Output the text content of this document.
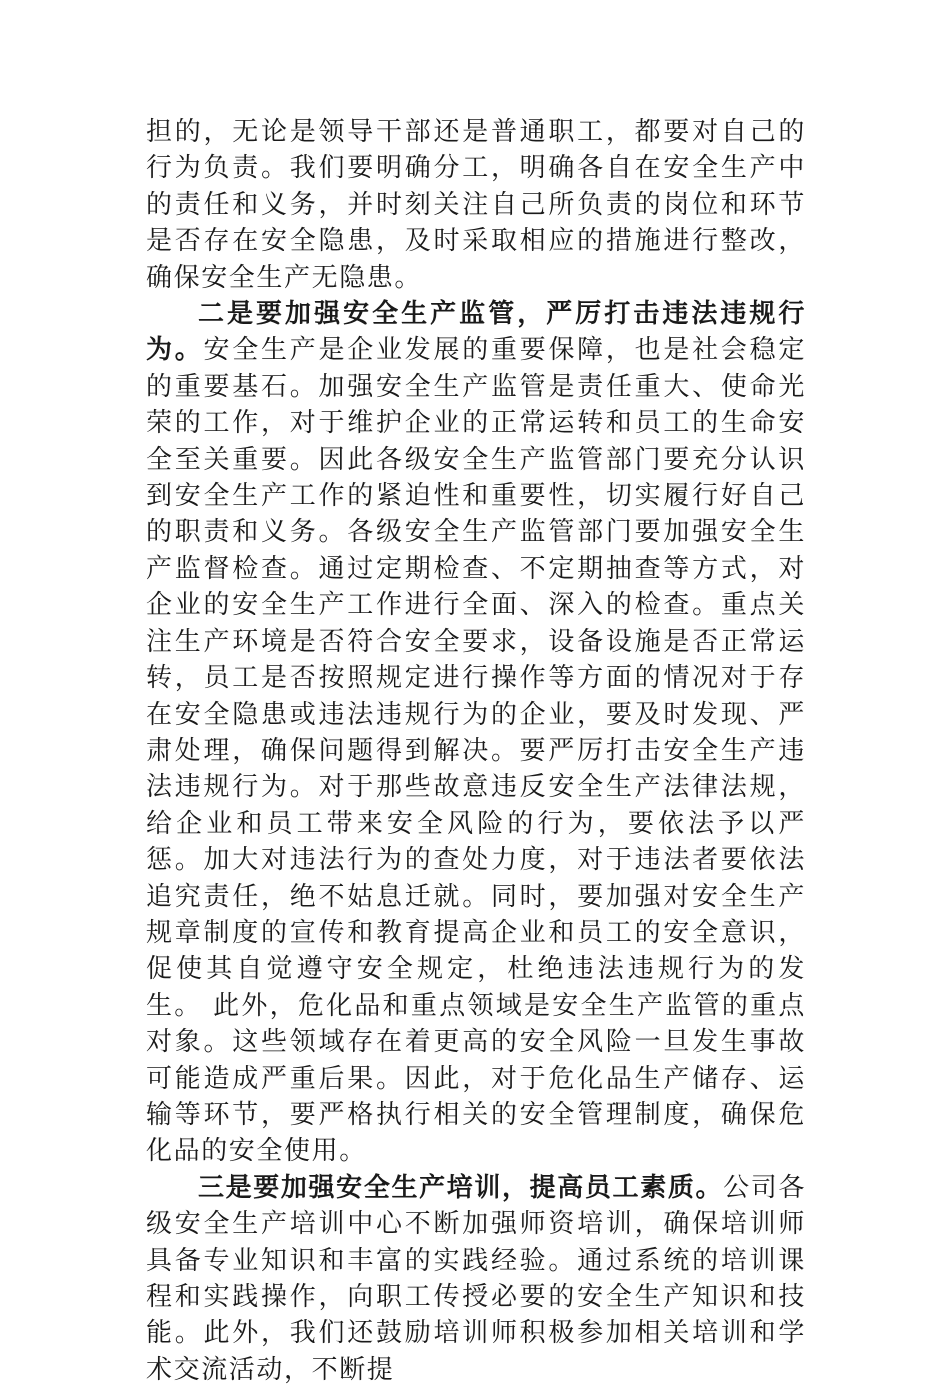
担的，无论是领导干部还是普通职工，都要对自己的行为负责。我们要明确分工，明确各自在安全生产中的责任和义务，并时刻关注自己所负责的岗位和环节是否存在安全隐患，及时采取相应的措施进行整改，确保安全生产无隐患。

二是要加强安全生产监管，严厉打击违法违规行为。安全生产是企业发展的重要保障，也是社会稳定的重要基石。加强安全生产监管是责任重大、使命光荣的工作，对于维护企业的正常运转和员工的生命安全至关重要。因此各级安全生产监管部门要充分认识到安全生产工作的紧迫性和重要性，切实履行好自己的职责和义务。各级安全生产监管部门要加强安全生产监督检查。通过定期检查、不定期抽查等方式，对企业的安全生产工作进行全面、深入的检查。重点关注生产环境是否符合安全要求，设备设施是否正常运转，员工是否按照规定进行操作等方面的情况对于存在安全隐患或违法违规行为的企业，要及时发现、严肃处理，确保问题得到解决。要严厉打击安全生产违法违规行为。对于那些故意违反安全生产法律法规，给企业和员工带来安全风险的行为，要依法予以严惩。加大对违法行为的查处力度，对于违法者要依法追究责任，绝不姑息迁就。同时，要加强对安全生产规章制度的宣传和教育提高企业和员工的安全意识，促使其自觉遵守安全规定，杜绝违法违规行为的发生。 此外，危化品和重点领域是安全生产监管的重点对象。这些领域存在着更高的安全风险一旦发生事故可能造成严重后果。因此，对于危化品生产储存、运输等环节，要严格执行相关的安全管理制度，确保危化品的安全使用。

三是要加强安全生产培训，提高员工素质。公司各级安全生产培训中心不断加强师资培训，确保培训师具备专业知识和丰富的实践经验。通过系统的培训课程和实践操作，向职工传授必要的安全生产知识和技能。此外，我们还鼓励培训师积极参加相关培训和学术交流活动，不断提
